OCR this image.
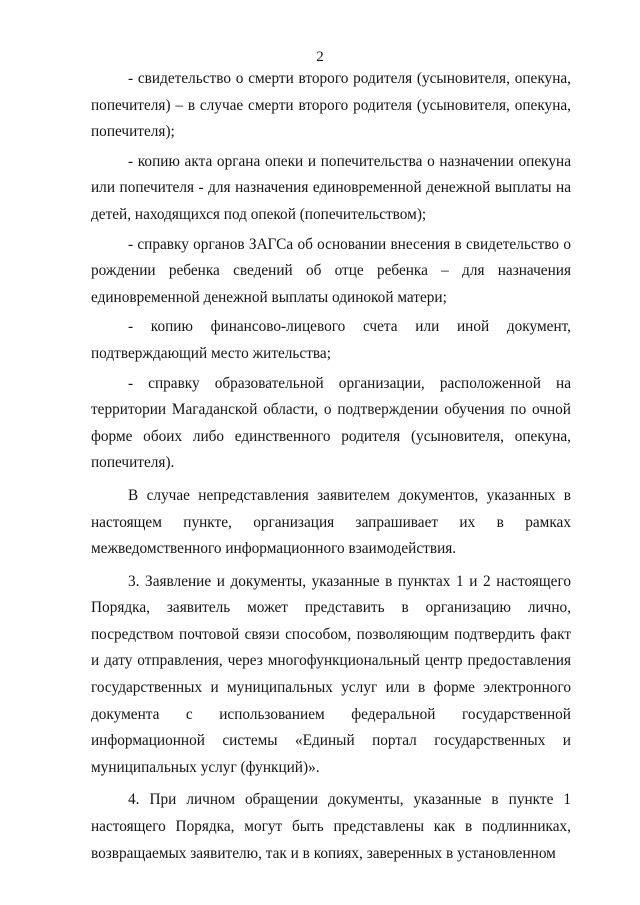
2

- свидетельство о смерти второго родителя (усыновителя, опекуна, попечителя) – в случае смерти второго родителя (усыновителя, опекуна, попечителя);

- копию акта органа опеки и попечительства о назначении опекуна или попечителя - для назначения единовременной денежной выплаты на детей, находящихся под опекой (попечительством);

- справку органов ЗАГСа об основании внесения в свидетельство о рождении ребенка сведений об отце ребенка – для назначения единовременной денежной выплаты одинокой матери;

- копию финансово-лицевого счета или иной документ, подтверждающий место жительства;

- справку образовательной организации, расположенной на территории Магаданской области, о подтверждении обучения по очной форме обоих либо единственного родителя (усыновителя, опекуна, попечителя).

В случае непредставления заявителем документов, указанных в настоящем пункте, организация запрашивает их в рамках межведомственного информационного взаимодействия.

3. Заявление и документы, указанные в пунктах 1 и 2 настоящего Порядка, заявитель может представить в организацию лично, посредством почтовой связи способом, позволяющим подтвердить факт и дату отправления, через многофункциональный центр предоставления государственных и муниципальных услуг или в форме электронного документа с использованием федеральной государственной информационной системы «Единый портал государственных и муниципальных услуг (функций)».

4. При личном обращении документы, указанные в пункте 1 настоящего Порядка, могут быть представлены как в подлинниках, возвращаемых заявителю, так и в копиях, заверенных в установленном
